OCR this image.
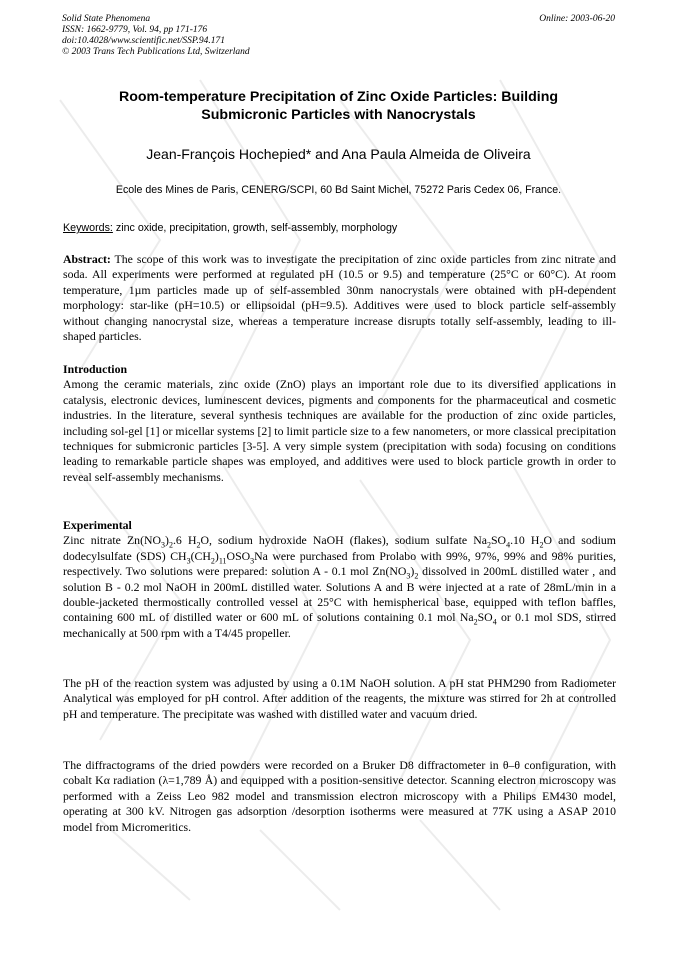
Solid State Phenomena
ISSN: 1662-9779, Vol. 94, pp 171-176
doi:10.4028/www.scientific.net/SSP.94.171
© 2003 Trans Tech Publications Ltd, Switzerland
Online: 2003-06-20
Room-temperature Precipitation of Zinc Oxide Particles: Building
Submicronic Particles with Nanocrystals
Jean-François Hochepied* and Ana Paula Almeida de Oliveira
Ecole des Mines de Paris, CENERG/SCPI, 60 Bd Saint Michel, 75272 Paris Cedex 06, France.
Keywords: zinc oxide, precipitation, growth, self-assembly, morphology

Abstract: The scope of this work was to investigate the precipitation of zinc oxide particles from zinc nitrate and soda. All experiments were performed at regulated pH (10.5 or 9.5) and temperature (25°C or 60°C). At room temperature, 1µm particles made up of self-assembled 30nm nanocrystals were obtained with pH-dependent morphology: star-like (pH=10.5) or ellipsoidal (pH=9.5). Additives were used to block particle self-assembly without changing nanocrystal size, whereas a temperature increase disrupts totally self-assembly, leading to ill-shaped particles.

Introduction

Among the ceramic materials, zinc oxide (ZnO) plays an important role due to its diversified applications in catalysis, electronic devices, luminescent devices, pigments and components for the pharmaceutical and cosmetic industries. In the literature, several synthesis techniques are available for the production of zinc oxide particles, including sol-gel [1] or micellar systems [2] to limit particle size to a few nanometers, or more classical precipitation techniques for submicronic particles [3-5]. A very simple system (precipitation with soda) focusing on conditions leading to remarkable particle shapes was employed, and additives were used to block particle growth in order to reveal self-assembly mechanisms.

Experimental

Zinc nitrate $Zn(NO_3)_2.6$ $H_2O$, sodium hydroxide NaOH (flakes), sodium sulfate $Na_2SO_4.10$ $H_2O$ and sodium dodecylsulfate (SDS) $CH_3(CH_2)_{11}OSO_3Na$ were purchased from Prolabo with 99%, 97%, 99% and 98% purities, respectively. Two solutions were prepared: solution A - 0.1 mol $Zn(NO_3)_2$ dissolved in 200mL distilled water , and solution B - 0.2 mol NaOH in 200mL distilled water. Solutions A and B were injected at a rate of 28mL/min in a double-jacketed thermostically controlled vessel at 25°C with hemispherical base, equipped with teflon baffles, containing 600 mL of distilled water or 600 mL of solutions containing 0.1 mol $Na_2SO_4$ or 0.1 mol SDS, stirred mechanically at 500 rpm with a T4/45 propeller.

The pH of the reaction system was adjusted by using a 0.1M NaOH solution. A pH stat PHM290 from Radiometer Analytical was employed for pH control. After addition of the reagents, the mixture was stirred for 2h at controlled pH and temperature. The precipitate was washed with distilled water and vacuum dried.

The diffractograms of the dried powders were recorded on a Bruker D8 diffractometer in θ–θ configuration, with cobalt Kα radiation (λ=1,789 Å) and equipped with a position-sensitive detector. Scanning electron microscopy was performed with a Zeiss Leo 982 model and transmission electron microscopy with a Philips EM430 model, operating at 300 kV. Nitrogen gas adsorption /desorption isotherms were measured at 77K using a ASAP 2010 model from Micromeritics.
